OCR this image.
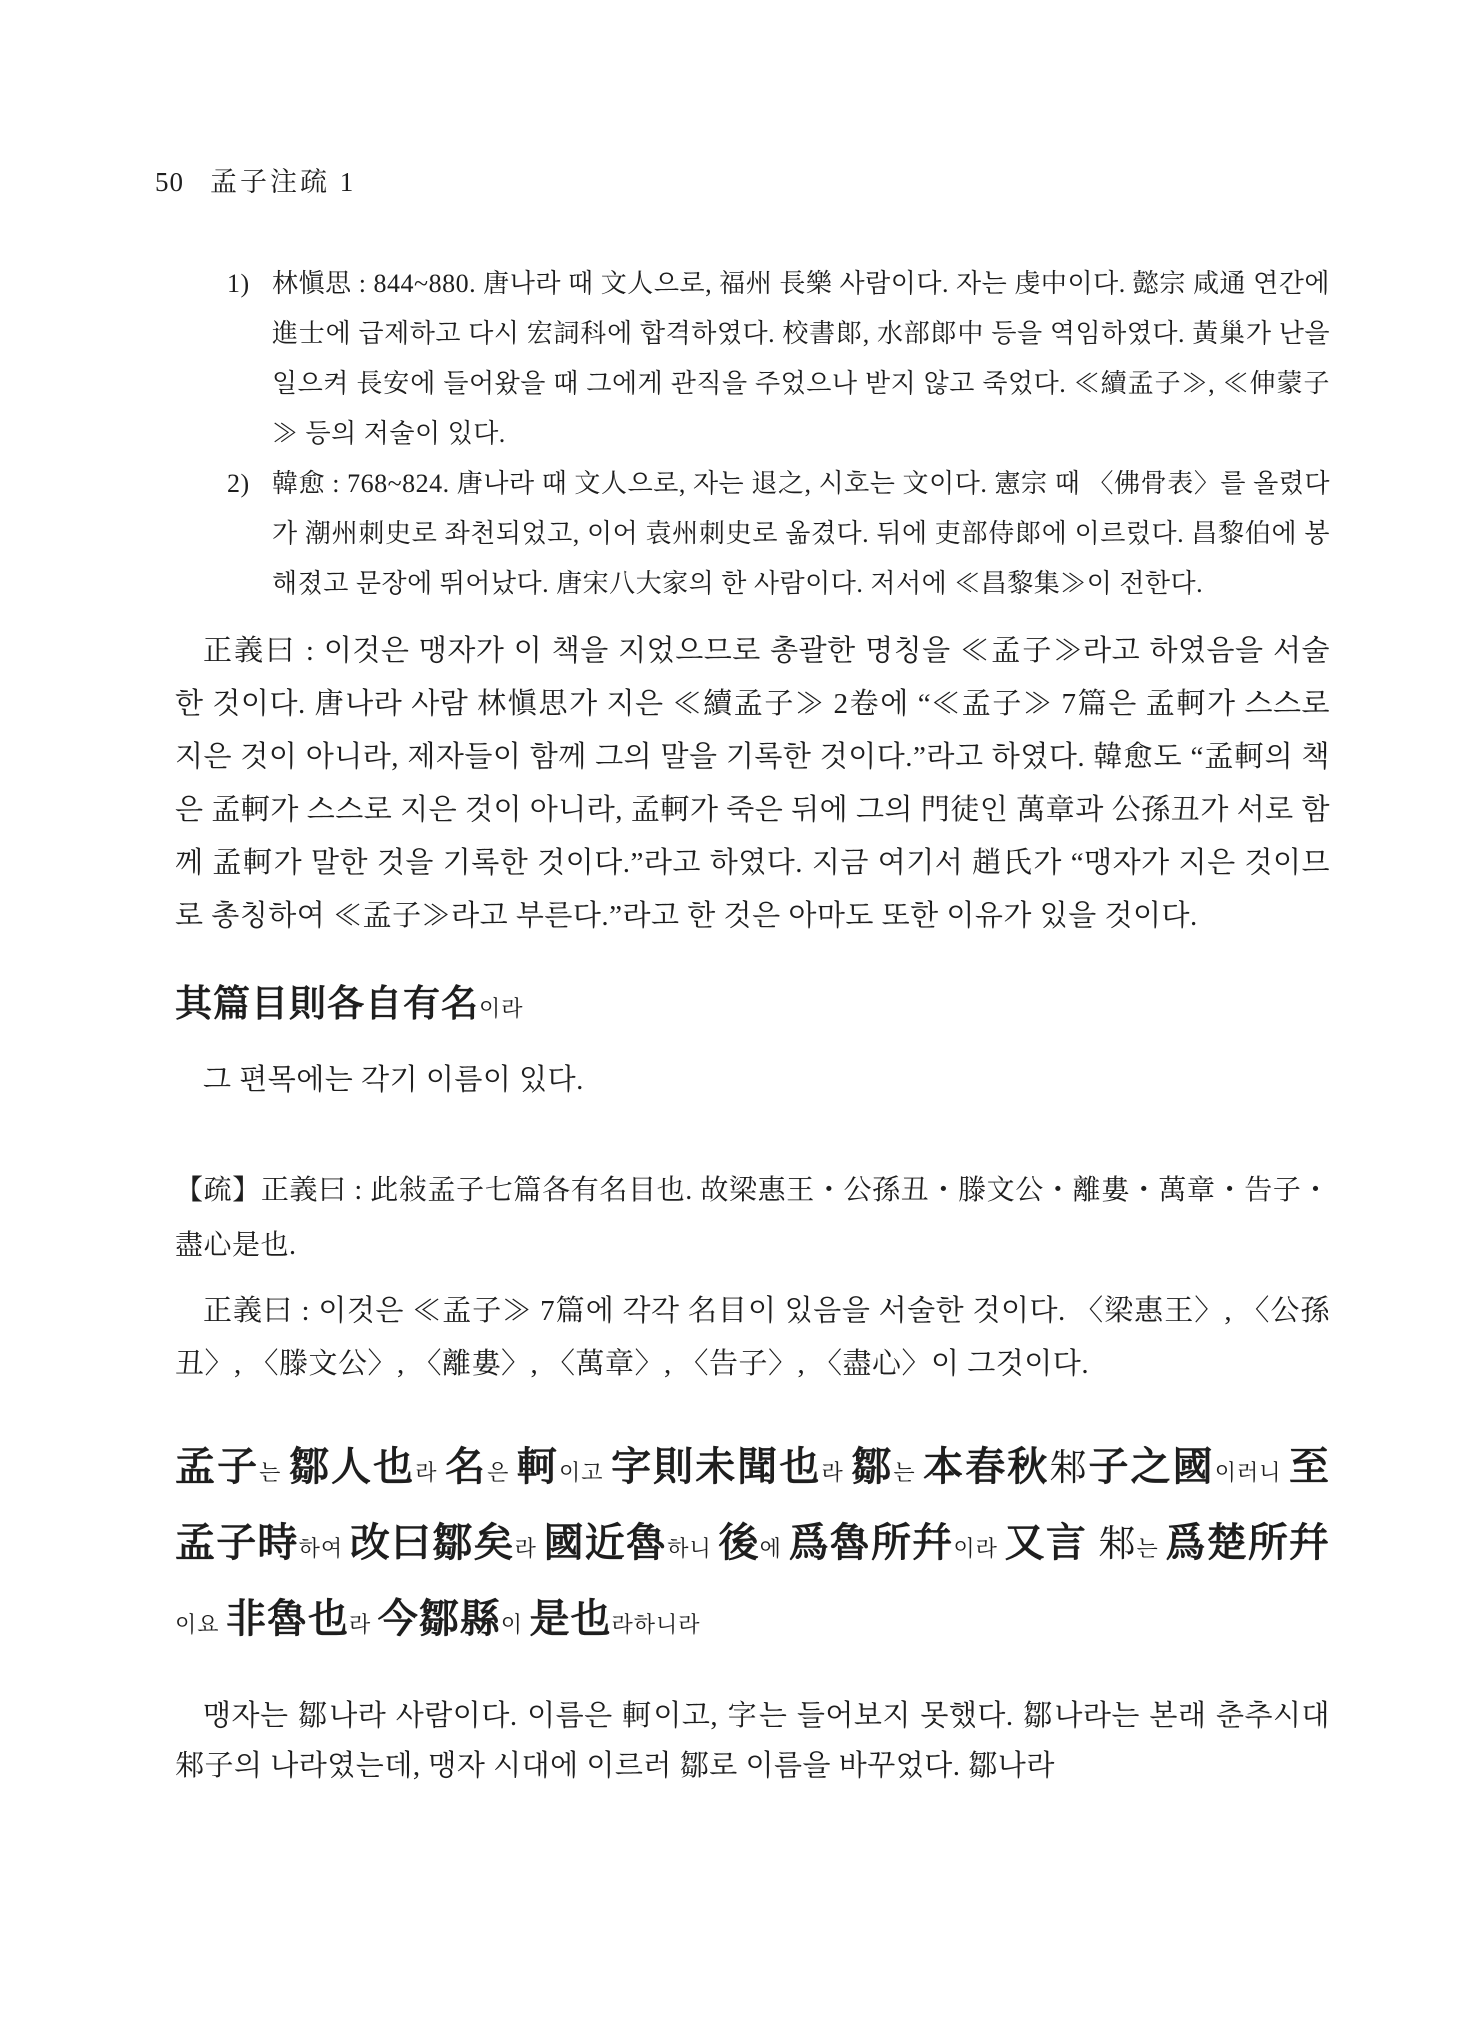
50 孟子注疏 1
1) 林愼思 : 844~880. 唐나라 때 文人으로, 福州 長樂 사람이다. 자는 虔中이다. 懿宗 咸通 연간에 進士에 급제하고 다시 宏詞科에 합격하였다. 校書郞, 水部郞中 등을 역임하였다. 黃巢가 난을 일으켜 長安에 들어왔을 때 그에게 관직을 주었으나 받지 않고 죽었다. ≪續孟子≫, ≪伸蒙子≫ 등의 저술이 있다.
2) 韓愈 : 768~824. 唐나라 때 文人으로, 자는 退之, 시호는 文이다. 憲宗 때 〈佛骨表〉를 올렸다가 潮州刺史로 좌천되었고, 이어 袁州刺史로 옮겼다. 뒤에 吏部侍郞에 이르렀다. 昌黎伯에 봉해졌고 문장에 뛰어났다. 唐宋八大家의 한 사람이다. 저서에 ≪昌黎集≫이 전한다.

正義曰 : 이것은 맹자가 이 책을 지었으므로 총괄한 명칭을 ≪孟子≫라고 하였음을 서술한 것이다. 唐나라 사람 林愼思가 지은 ≪續孟子≫ 2卷에 “≪孟子≫ 7篇은 孟軻가 스스로 지은 것이 아니라, 제자들이 함께 그의 말을 기록한 것이다.”라고 하였다. 韓愈도 “孟軻의 책은 孟軻가 스스로 지은 것이 아니라, 孟軻가 죽은 뒤에 그의 門徒인 萬章과 公孫丑가 서로 함께 孟軻가 말한 것을 기록한 것이다.”라고 하였다. 지금 여기서 趙氏가 “맹자가 지은 것이므로 총칭하여 ≪孟子≫라고 부른다.”라고 한 것은 아마도 또한 이유가 있을 것이다.

其篇目則各自有名이라

그 편목에는 각기 이름이 있다.

【疏】正義曰 : 此敍孟子七篇各有名目也. 故梁惠王・公孫丑・滕文公・離婁・萬章・告子・盡心是也.

正義曰 : 이것은 ≪孟子≫ 7篇에 각각 名目이 있음을 서술한 것이다. 〈梁惠王〉, 〈公孫丑〉, 〈滕文公〉, 〈離婁〉, 〈萬章〉, 〈告子〉, 〈盡心〉이 그것이다.

孟子는 鄒人也라 名은 軻이고 字則未聞也라 鄒는 本春秋邾子之國이러니 至孟子時하여 改曰鄒矣라 國近魯하니 後에 爲魯所幷이라 又言 邾는 爲楚所幷이요 非魯也라 今鄒縣이 是也라하니라

맹자는 鄒나라 사람이다. 이름은 軻이고, 字는 들어보지 못했다. 鄒나라는 본래 춘추시대 邾子의 나라였는데, 맹자 시대에 이르러 鄒로 이름을 바꾸었다. 鄒나라
